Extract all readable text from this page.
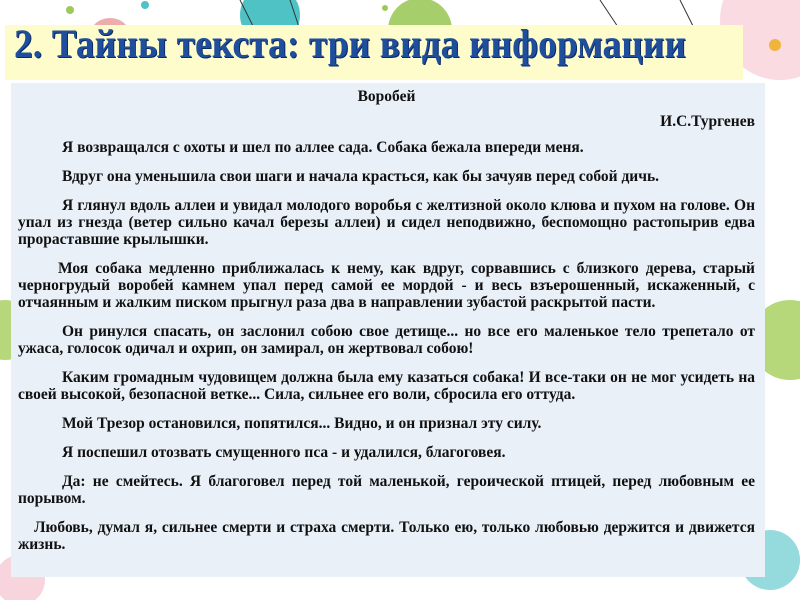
2. Тайны текста: три вида информации
Воробей
И.С.Тургенев

Я возвращался с охоты и шел по аллее сада. Собака бежала впереди меня.

Вдруг она уменьшила свои шаги и начала красться, как бы зачуяв перед собой дичь.

Я глянул вдоль аллеи и увидал молодого воробья с желтизной около клюва и пухом на голове. Он упал из гнезда (ветер сильно качал березы аллеи) и сидел неподвижно, беспомощно растопырив едва прораставшие крылышки.

Моя собака медленно приближалась к нему, как вдруг, сорвавшись с близкого дерева, старый черногрудый воробей камнем упал перед самой ее мордой - и весь взъерошенный, искаженный, с отчаянным и жалким писком прыгнул раза два в направлении зубастой раскрытой пасти.

Он ринулся спасать, он заслонил собою свое детище... но все его маленькое тело трепетало от ужаса, голосок одичал и охрип, он замирал, он жертвовал собою!

Каким громадным чудовищем должна была ему казаться собака! И все-таки он не мог усидеть на своей высокой, безопасной ветке... Сила, сильнее его воли, сбросила его оттуда.

Мой Трезор остановился, попятился... Видно, и он признал эту силу.

Я поспешил отозвать смущенного пса - и удалился, благоговея.

Да: не смейтесь. Я благоговел перед той маленькой, героической птицей, перед любовным ее порывом.

Любовь, думал я, сильнее смерти и страха смерти. Только ею, только любовью держится и движется жизнь.
